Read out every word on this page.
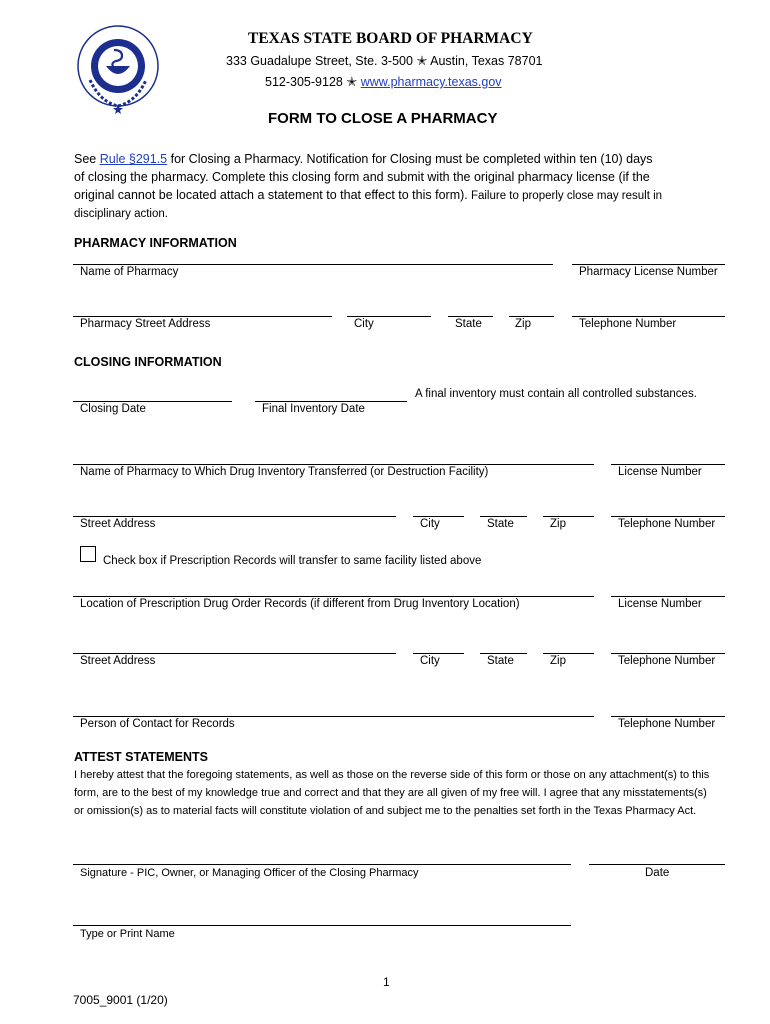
TEXAS STATE BOARD OF PHARMACY
333 Guadalupe Street, Ste. 3-500 ✭ Austin, Texas 78701
512-305-9128 ✭ www.pharmacy.texas.gov
FORM TO CLOSE A PHARMACY
See Rule §291.5 for Closing a Pharmacy. Notification for Closing must be completed within ten (10) days
of closing the pharmacy. Complete this closing form and submit with the original pharmacy license (if the
original cannot be located attach a statement to that effect to this form). Failure to properly close may result in
disciplinary action.
PHARMACY INFORMATION
Name of Pharmacy	Pharmacy License Number
Pharmacy Street Address	City	State	Zip	Telephone Number
CLOSING INFORMATION
A final inventory must contain all controlled substances.
Closing Date	Final Inventory Date
Name of Pharmacy to Which Drug Inventory Transferred (or Destruction Facility)	License Number
Street Address	City	State	Zip	Telephone Number
Check box if Prescription Records will transfer to same facility listed above
Location of Prescription Drug Order Records (if different from Drug Inventory Location)	License Number
Street Address	City	State	Zip	Telephone Number
Person of Contact for Records	Telephone Number
ATTEST STATEMENTS
I hereby attest that the foregoing statements, as well as those on the reverse side of this form or those on any attachment(s) to this form, are to the best of my knowledge true and correct and that they are all given of my free will. I agree that any misstatements(s) or omission(s) as to material facts will constitute violation of and subject me to the penalties set forth in the Texas Pharmacy Act.
Signature - PIC, Owner, or Managing Officer of the Closing Pharmacy	Date
Type or Print Name
1
7005_9001 (1/20)
